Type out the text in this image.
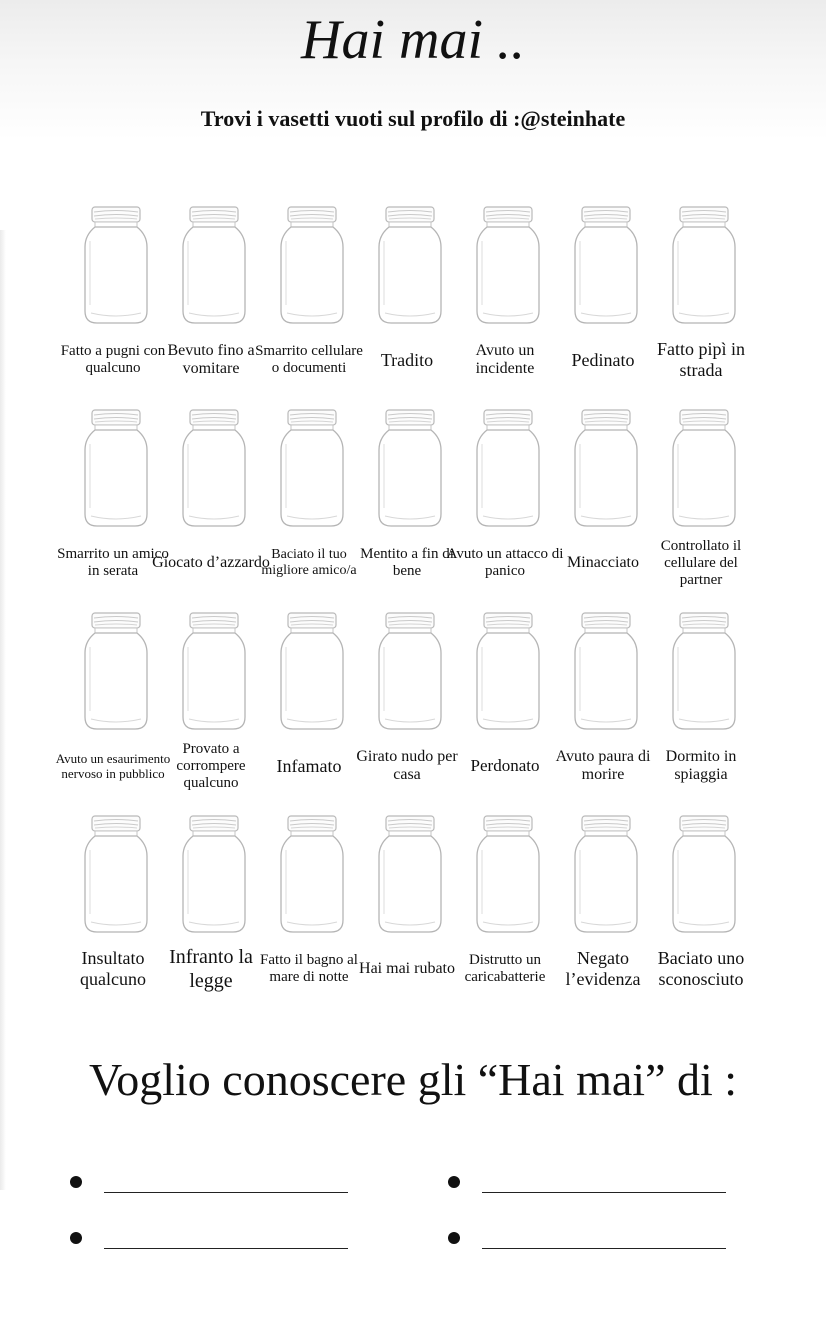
Hai mai ..
Trovi i vasetti vuoti sul profilo di :@steinhate
Fatto a pugni con qualcuno
Bevuto fino a vomitare
Smarrito cellulare o documenti	Tradito	Avuto un incidente	Pedinato
Fatto pipì in strada
Smarrito un amico in serata Giocato d’azzardo Baciato il tuo migliore amico/a
Mentito a fin di bene
Avuto un attacco di panico	Minacciato
Controllato il cellulare del partner
Avuto un esaurimento nervoso in pubblico
Provato a corrompere qualcuno
Infamato Girato nudo per casa	Perdonato	Avuto paura di morire
Dormito in spiaggia
Insultato qualcuno
Infranto la legge
Fatto il bagno al mare di notte Hai mai rubato Distrutto un caricabatterie
Negato l’evidenza
Baciato uno sconosciuto
Voglio conoscere gli “Hai mai” di :
